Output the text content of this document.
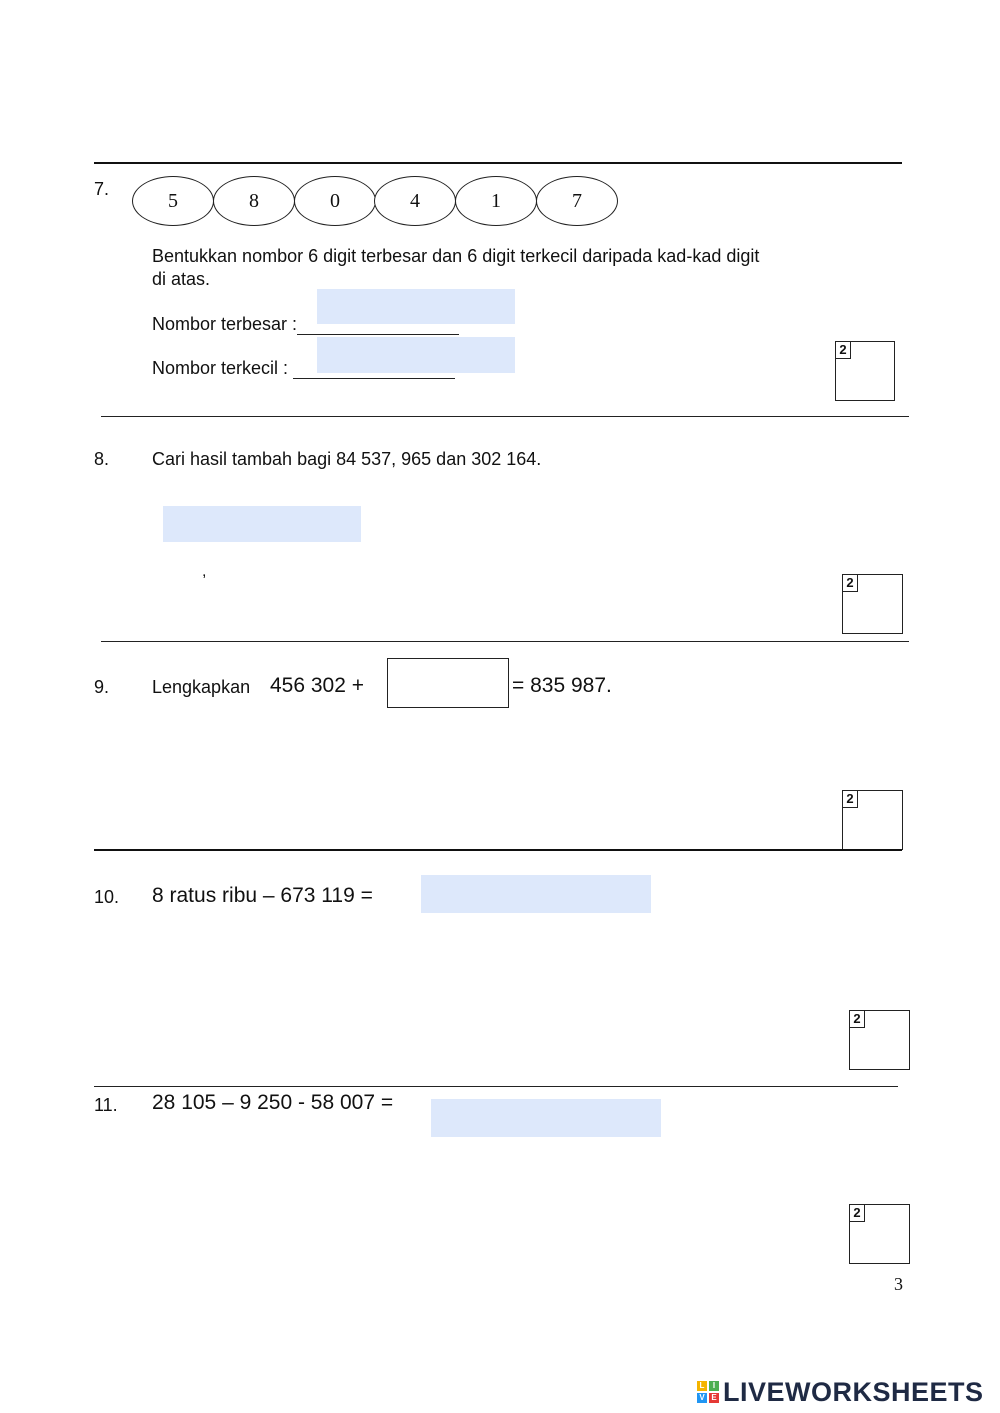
7.
5	8	0	4	1	7
Bentukkan nombor 6 digit terbesar dan 6 digit terkecil daripada kad-kad digit
di atas.
Nombor terbesar :
Nombor terkecil :
2
8. Cari hasil tambah bagi 84 537, 965 dan 302 164.
,
2
9. Lengkapkan 456 302 +	= 835 987.
2
10. 8 ratus ribu – 673 119 =
2
11. 28 105 – 9 250 - 58 007 =
2
3
L	I
V E LIVEWORKSHEETS
